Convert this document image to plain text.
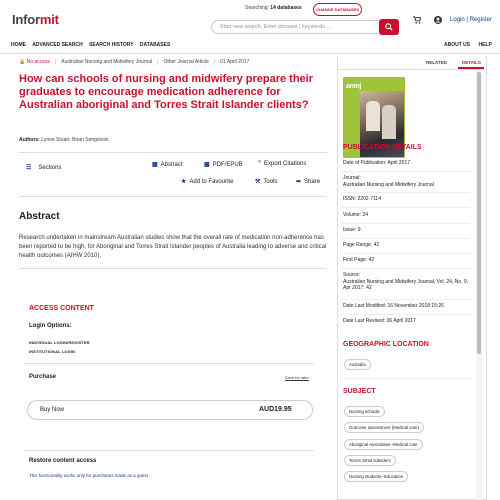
Informit
Searching: 14 databases	CHANGE DATABASES
Start new search. Enter phrases | keywords ...
Login | Register
HOME ADVANCED SEARCH SEARCH HISTORY DATABASES	ABOUT US HELP
🔒 No access | Australian Nursing and Midwifery Journal | Other Journal Article | 01 April 2017
How can schools of nursing and midwifery prepare their graduates to encourage medication adherence for Australian aboriginal and Torres Strait Islander clients?
Authors: Lynne Stuart; Brian Sengstock
☰ Sections	▦ Abstract	▩ PDF/EPUB	” Export Citations
★ Add to Favourite	⚒ Tools	➦ Share
Abstract
Research undertaken in mainstream Australian studies show that the overall rate of medication non-adherence has been reported to be high, for Aboriginal and Torres Strait Islander peoples of Australia leading to adverse and critical health outcomes (AIHW 2010).
ACCESS CONTENT
Login Options:
INDIVIDUAL LOGIN/REGISTER
INSTITUTIONAL LOGIN
Purchase	Save for later
Buy Now	AUD19.95
Restore content access
This functionality works only for purchases made as a guest
RELATED	DETAILS
anmj
PUBLICATION DETAILS
Date of Publication: April 2017
Journal:
Australian Nursing and Midwifery Journal
ISSN: 2202-7114
Volume: 24
Issue: 9
Page Range: 42
First Page: 42
Source:
Australian Nursing and Midwifery Journal, Vol. 24, No. 9, Apr 2017: 42
Date Last Modified: 16 November 2018 15:26
Date Last Revised: 06 April 2017
GEOGRAPHIC LOCATION
Australia
SUBJECT
Nursing schools
Outcome assessment (Medical care)
Aboriginal Australians--Medical care
Torres Strait Islanders
Nursing students--Education
